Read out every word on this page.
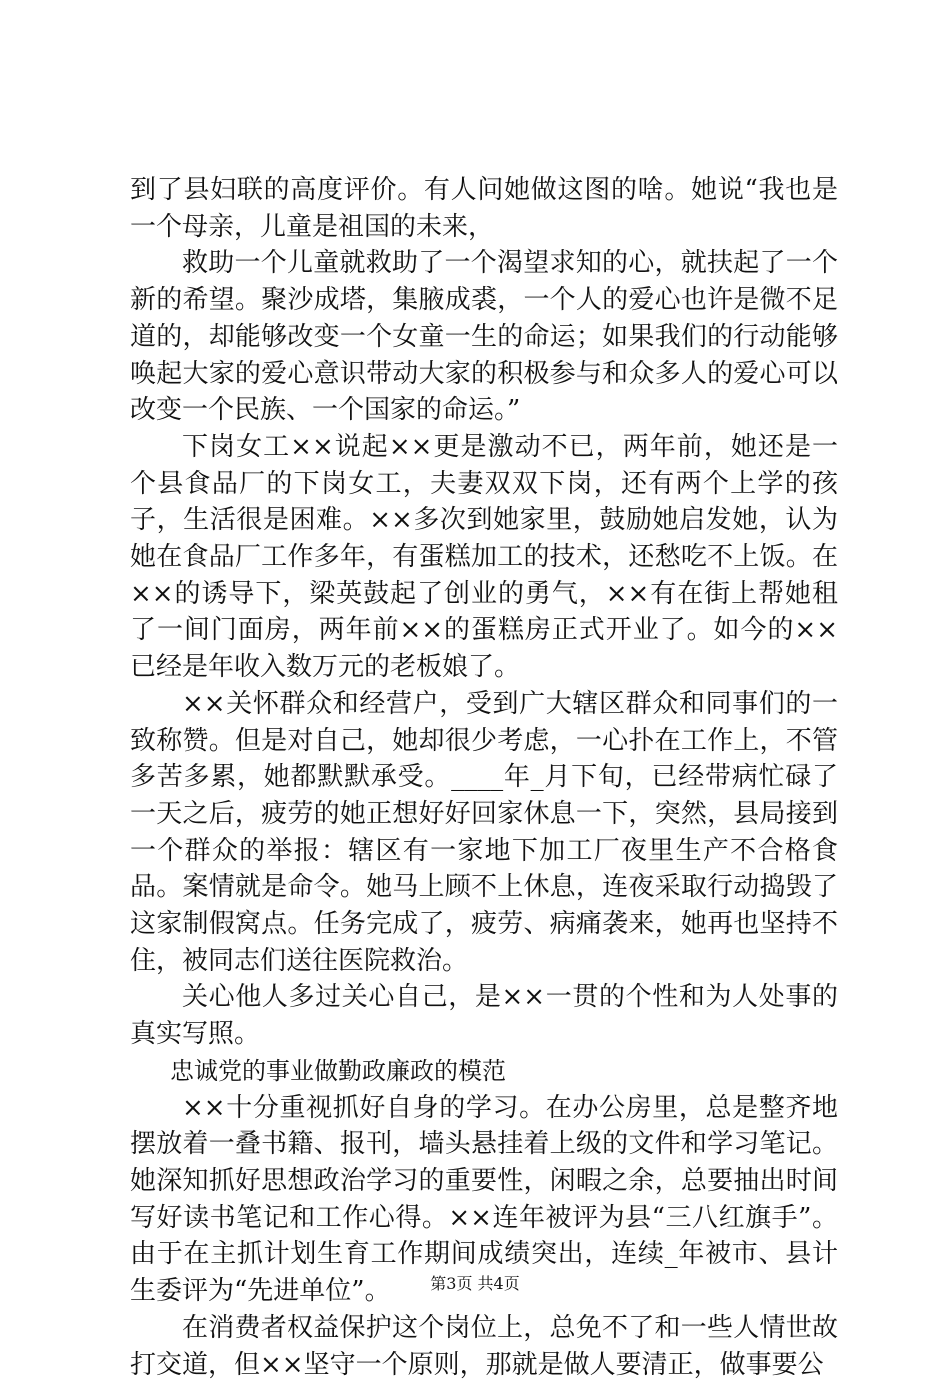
到了县妇联的高度评价。有人问她做这图的啥。她说“我也是一个母亲，儿童是祖国的未来，

救助一个儿童就救助了一个渴望求知的心，就扶起了一个新的希望。聚沙成塔，集腋成裘，一个人的爱心也许是微不足道的，却能够改变一个女童一生的命运；如果我们的行动能够唤起大家的爱心意识带动大家的积极参与和众多人的爱心可以改变一个民族、一个国家的命运。”

下岗女工××说起××更是激动不已，两年前，她还是一个县食品厂的下岗女工，夫妻双双下岗，还有两个上学的孩子，生活很是困难。××多次到她家里，鼓励她启发她，认为她在食品厂工作多年，有蛋糕加工的技术，还愁吃不上饭。在××的诱导下，梁英鼓起了创业的勇气，××有在街上帮她租了一间门面房，两年前××的蛋糕房正式开业了。如今的××已经是年收入数万元的老板娘了。

××关怀群众和经营户，受到广大辖区群众和同事们的一致称赞。但是对自己，她却很少考虑，一心扑在工作上，不管多苦多累，她都默默承受。____年_月下旬，已经带病忙碌了一天之后，疲劳的她正想好好回家休息一下，突然，县局接到一个群众的举报：辖区有一家地下加工厂夜里生产不合格食品。案情就是命令。她马上顾不上休息，连夜采取行动捣毁了这家制假窝点。任务完成了，疲劳、病痛袭来，她再也坚持不住，被同志们送往医院救治。

关心他人多过关心自己，是××一贯的个性和为人处事的真实写照。

忠诚党的事业做勤政廉政的模范

××十分重视抓好自身的学习。在办公房里，总是整齐地摆放着一叠书籍、报刊，墙头悬挂着上级的文件和学习笔记。她深知抓好思想政治学习的重要性，闲暇之余，总要抽出时间写好读书笔记和工作心得。××连年被评为县“三八红旗手”。由于在主抓计划生育工作期间成绩突出，连续_年被市、县计生委评为“先进单位”。

在消费者权益保护这个岗位上，总免不了和一些人情世故打交道，但××坚守一个原则，那就是做人要清正，做事要公

第3页 共4页
